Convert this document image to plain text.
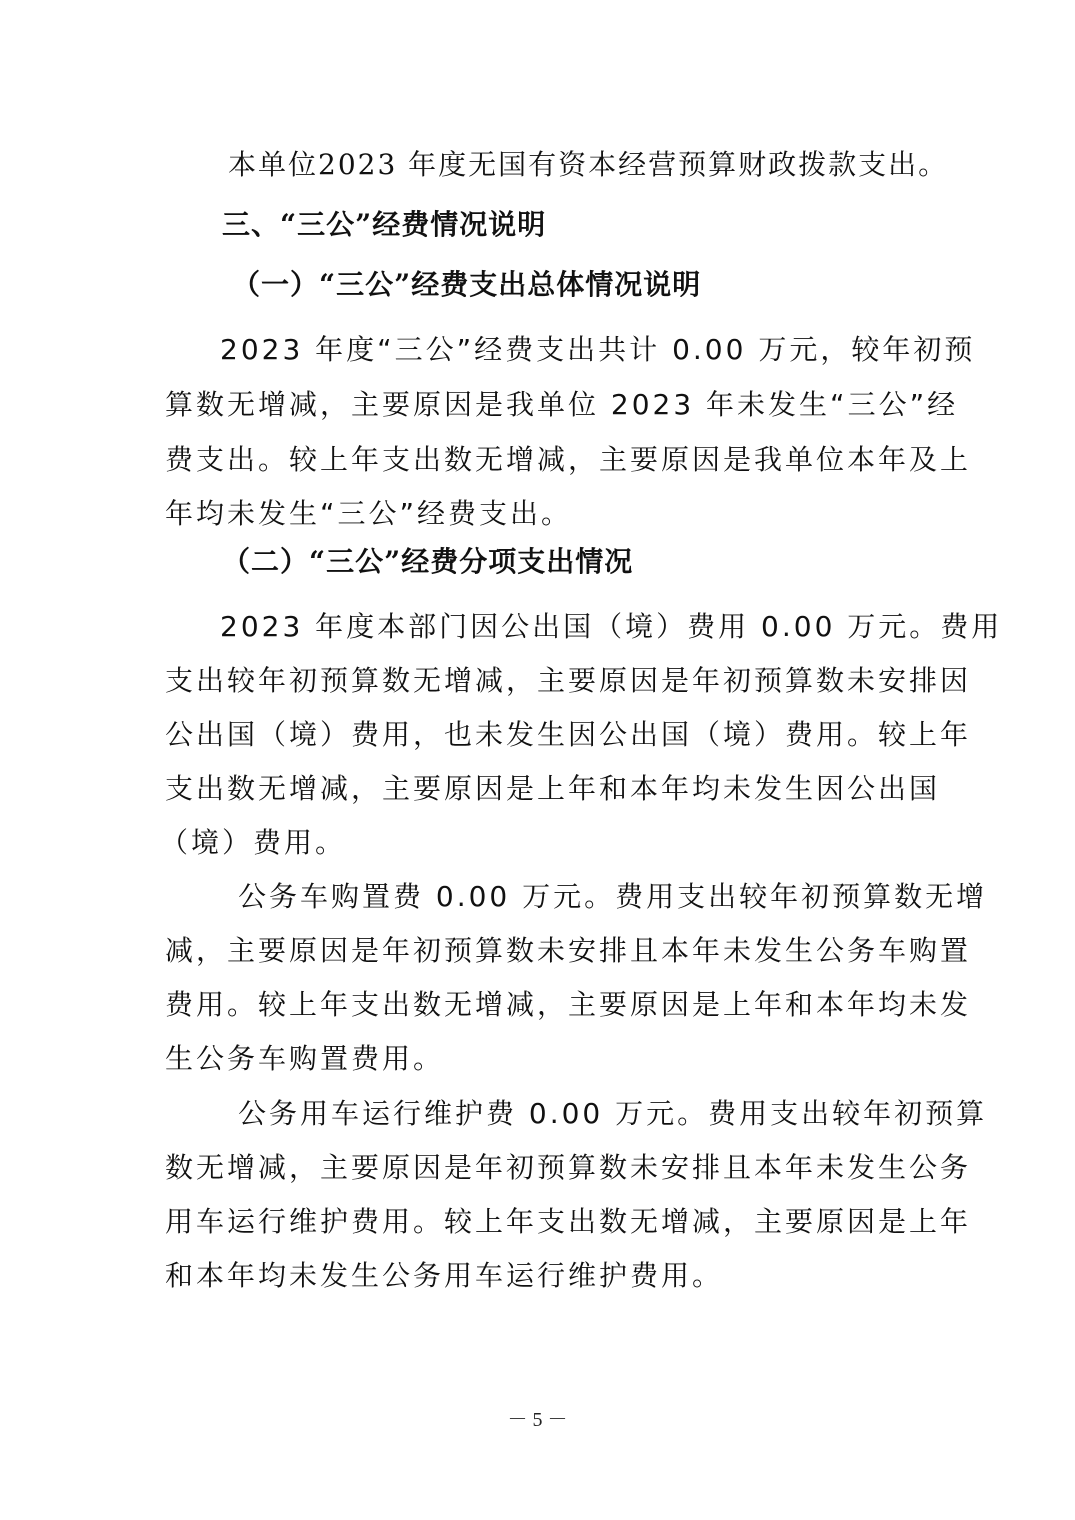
本单位2023 年度无国有资本经营预算财政拨款支出。
三、“三公”经费情况说明
（一）“三公”经费支出总体情况说明
2023 年度“三公”经费支出共计 0.00 万元，较年初预
算数无增减，主要原因是我单位 2023 年未发生“三公”经
费支出。较上年支出数无增减，主要原因是我单位本年及上
年均未发生“三公”经费支出。
（二）“三公”经费分项支出情况
2023 年度本部门因公出国（境）费用 0.00 万元。费用
支出较年初预算数无增减，主要原因是年初预算数未安排因
公出国（境）费用，也未发生因公出国（境）费用。较上年
支出数无增减，主要原因是上年和本年均未发生因公出国
（境）费用。
公务车购置费 0.00 万元。费用支出较年初预算数无增
减，主要原因是年初预算数未安排且本年未发生公务车购置
费用。较上年支出数无增减，主要原因是上年和本年均未发
生公务车购置费用。
公务用车运行维护费 0.00 万元。费用支出较年初预算
数无增减，主要原因是年初预算数未安排且本年未发生公务
用车运行维护费用。较上年支出数无增减，主要原因是上年
和本年均未发生公务用车运行维护费用。
－ 5 －
